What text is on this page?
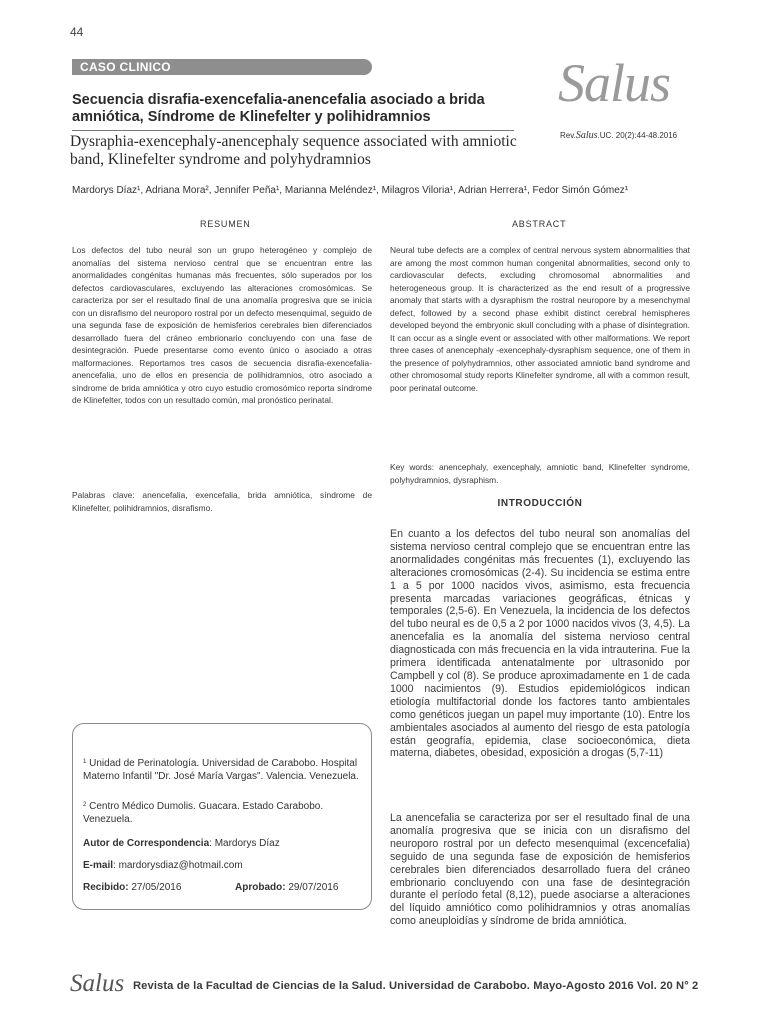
44
CASO CLINICO	Salus
Secuencia disrafia-exencefalia-anencefalia asociado a brida amniótica, Síndrome de Klinefelter y polihidramnios
Dysraphia-exencephaly-anencephaly sequence associated with amniotic band, Klinefelter syndrome and polyhydramnios
Rev.Salus.UC. 20(2):44-48.2016
Mardorys Díaz¹, Adriana Mora², Jennifer Peña¹, Marianna Meléndez¹, Milagros Viloria¹, Adrian Herrera¹, Fedor Simón Gómez¹
RESUMEN	ABSTRACT
Los defectos del tubo neural son un grupo heterogéneo y complejo de anomalías del sistema nervioso central que se encuentran entre las anormalidades congénitas humanas más frecuentes, sólo superados por los defectos cardiovasculares, excluyendo las alteraciones cromosómicas. Se caracteriza por ser el resultado final de una anomalía progresiva que se inicia con un disrafismo del neuroporo rostral por un defecto mesenquimal, seguido de una segunda fase de exposición de hemisferios cerebrales bien diferenciados desarrollado fuera del cráneo embrionario concluyendo con una fase de desintegración. Puede presentarse como evento único o asociado a otras malformaciones. Reportamos tres casos de secuencia disrafia-exencefalia-anencefalia, uno de ellos en presencia de polihidramnios, otro asociado a síndrome de brida amniótica y otro cuyo estudio cromosómico reporta síndrome de Klinefelter, todos con un resultado común, mal pronóstico perinatal.
Palabras clave: anencefalia, exencefalia, brida amniótica, síndrome de Klinefelter, polihidramnios, disrafismo.
Neural tube defects are a complex of central nervous system abnormalities that are among the most common human congenital abnormalities, second only to cardiovascular defects, excluding chromosomal abnormalities and heterogeneous group. It is characterized as the end result of a progressive anomaly that starts with a dysraphism the rostral neuropore by a mesenchymal defect, followed by a second phase exhibit distinct cerebral hemispheres developed beyond the embryonic skull concluding with a phase of disintegration. It can occur as a single event or associated with other malformations. We report three cases of anencephaly -exencephaly-dysraphism sequence, one of them in the presence of polyhydramnios, other associated amniotic band syndrome and other chromosomal study reports Klinefelter syndrome, all with a common result, poor perinatal outcome.
Key words: anencephaly, exencephaly, amniotic band, Klinefelter syndrome, polyhydramnios, dysraphism.
INTRODUCCIÓN
En cuanto a los defectos del tubo neural son anomalías del sistema nervioso central complejo que se encuentran entre las anormalidades congénitas más frecuentes (1), excluyendo las alteraciones cromosómicas (2-4). Su incidencia se estima entre 1 a 5 por 1000 nacidos vivos, asimismo, esta frecuencia presenta marcadas variaciones geográficas, étnicas y temporales (2,5-6). En Venezuela, la incidencia de los defectos del tubo neural es de 0,5 a 2 por 1000 nacidos vivos (3, 4,5). La anencefalia es la anomalía del sistema nervioso central diagnosticada con más frecuencia en la vida intrauterina. Fue la primera identificada antenatalmente por ultrasonido por Campbell y col (8). Se produce aproximadamente en 1 de cada 1000 nacimientos (9). Estudios epidemiológicos indican etiología multifactorial donde los factores tanto ambientales como genéticos juegan un papel muy importante (10). Entre los ambientales asociados al aumento del riesgo de esta patología están geografía, epidemia, clase socioeconómica, dieta materna, diabetes, obesidad, exposición a drogas (5,7-11)
La anencefalia se caracteriza por ser el resultado final de una anomalía progresiva que se inicia con un disrafismo del neuroporo rostral por un defecto mesenquimal (excencefalia) seguido de una segunda fase de exposición de hemisferios cerebrales bien diferenciados desarrollado fuera del cráneo embrionario concluyendo con una fase de desintegración durante el período fetal (8,12), puede asociarse a alteraciones del líquido amniótico como polihidramnios y otras anomalías como aneuploidías y síndrome de brida amniótica.
$^1$ Unidad de Perinatología. Universidad de Carabobo. Hospital Materno Infantil "Dr. José María Vargas". Valencia. Venezuela.
$^2$ Centro Médico Dumolis. Guacara. Estado Carabobo. Venezuela.
Autor de Correspondencia: Mardorys Díaz
E-mail: mardorysdiaz@hotmail.com
Recibido: 27/05/2016	Aprobado: 29/07/2016
Salus Revista de la Facultad de Ciencias de la Salud. Universidad de Carabobo. Mayo-Agosto 2016 Vol. 20 N° 2
